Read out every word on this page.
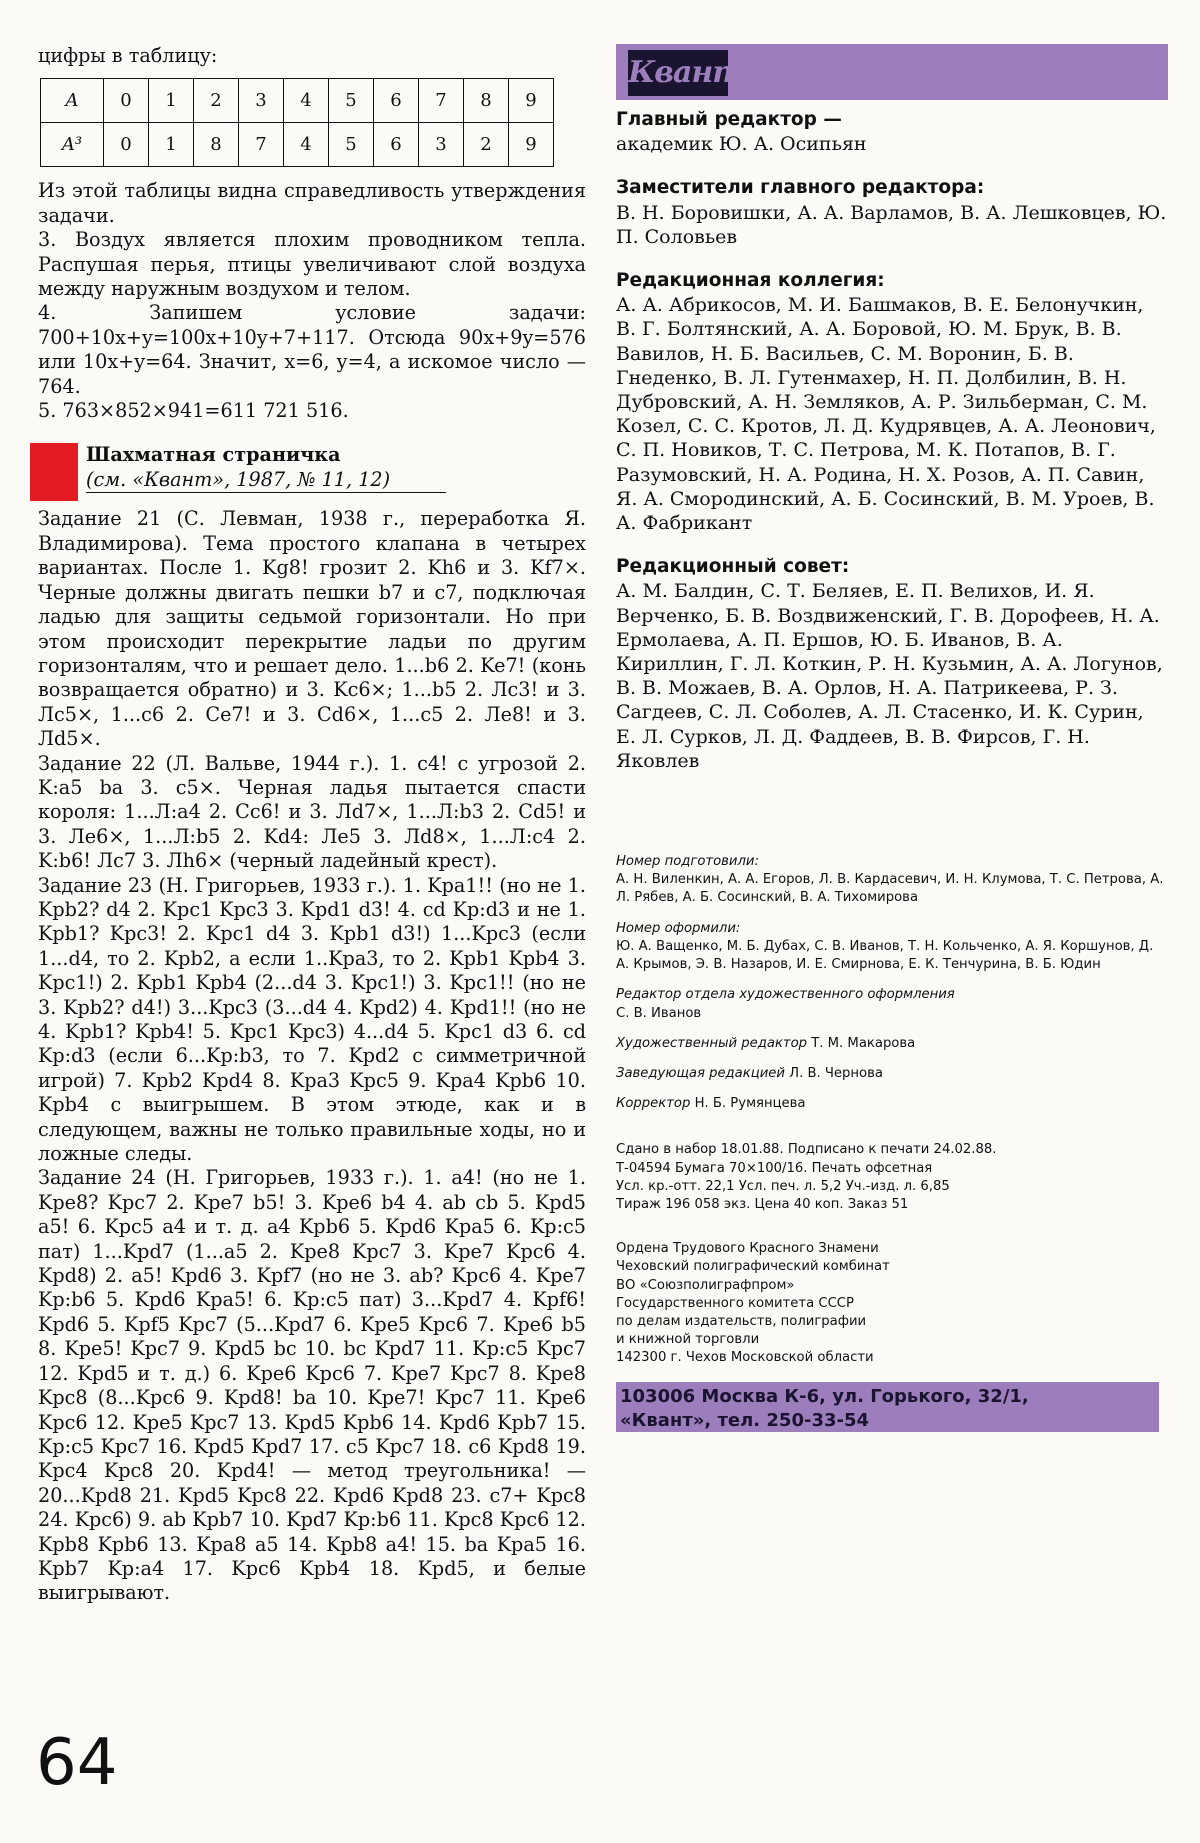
цифры в таблицу:

A	0	1	2	3	4	5	6	7	8	9
A³	0	1	8	7	4	5	6	3	2	9

Из этой таблицы видна справедливость утверждения задачи.

3. Воздух является плохим проводником тепла. Распушая перья, птицы увеличивают слой воздуха между наружным воздухом и телом.

4. Запишем условие задачи: 700+10x+y=100x+10y+7+117. Отсюда 90x+9y=576 или 10x+y=64. Значит, x=6, y=4, а искомое число — 764.

5. 763×852×941=611 721 516.

Шахматная страничка
(см. «Квант», 1987, № 11, 12)

Задание 21 (С. Левман, 1938 г., переработка Я. Владимирова). Тема простого клапана в четырех вариантах. После 1. Kg8! грозит 2. Kh6 и 3. Kf7×. Черные должны двигать пешки b7 и c7, подключая ладью для защиты седьмой горизонтали. Но при этом происходит перекрытие ладьи по другим горизонталям, что и решает дело. 1...b6 2. Ke7! (конь возвращается обратно) и 3. Kc6×; 1...b5 2. Лc3! и 3. Лc5×, 1...c6 2. Ce7! и 3. Cd6×, 1...c5 2. Лe8! и 3. Лd5×.

Задание 22 (Л. Вальве, 1944 г.). 1. c4! с угрозой 2. K:a5 ba 3. c5×. Черная ладья пытается спасти короля: 1...Л:a4 2. Cc6! и 3. Лd7×, 1...Л:b3 2. Cd5! и 3. Лe6×, 1...Л:b5 2. Kd4: Лe5 3. Лd8×, 1...Л:c4 2. K:b6! Лc7 3. Лh6× (черный ладейный крест).

Задание 23 (Н. Григорьев, 1933 г.). 1. Kpa1!! (но не 1. Kpb2? d4 2. Kpc1 Kpc3 3. Kpd1 d3! 4. cd Kp:d3 и не 1. Kpb1? Kpc3! 2. Kpc1 d4 3. Kpb1 d3!) 1...Kpc3 (если 1...d4, то 2. Kpb2, а если 1..Kpa3, то 2. Kpb1 Kpb4 3. Kpc1!) 2. Kpb1 Kpb4 (2...d4 3. Kpc1!) 3. Kpc1!! (но не 3. Kpb2? d4!) 3...Kpc3 (3...d4 4. Kpd2) 4. Kpd1!! (но не 4. Kpb1? Kpb4! 5. Kpc1 Kpc3) 4...d4 5. Kpc1 d3 6. cd Kp:d3 (если 6...Kp:b3, то 7. Kpd2 с симметричной игрой) 7. Kpb2 Kpd4 8. Kpa3 Kpc5 9. Kpa4 Kpb6 10. Kpb4 с выигрышем. В этом этюде, как и в следующем, важны не только правильные ходы, но и ложные следы.

Задание 24 (Н. Григорьев, 1933 г.). 1. a4! (но не 1. Kpe8? Kpc7 2. Kpe7 b5! 3. Kpe6 b4 4. ab cb 5. Kpd5 a5! 6. Kpc5 a4 и т. д. a4 Kpb6 5. Kpd6 Kpa5 6. Kp:c5 пат) 1...Kpd7 (1...a5 2. Kpe8 Kpc7 3. Kpe7 Kpc6 4. Kpd8) 2. a5! Kpd6 3. Kpf7 (но не 3. ab? Kpc6 4. Kpe7 Kp:b6 5. Kpd6 Kpa5! 6. Kp:c5 пат) 3...Kpd7 4. Kpf6! Kpd6 5. Kpf5 Kpc7 (5...Kpd7 6. Kpe5 Kpc6 7. Kpe6 b5 8. Kpe5! Kpc7 9. Kpd5 bc 10. bc Kpd7 11. Kp:c5 Kpc7 12. Kpd5 и т. д.) 6. Kpe6 Kpc6 7. Kpe7 Kpc7 8. Kpe8 Kpc8 (8...Kpc6 9. Kpd8! ba 10. Kpe7! Kpc7 11. Kpe6 Kpc6 12. Kpe5 Kpc7 13. Kpd5 Kpb6 14. Kpd6 Kpb7 15. Kp:c5 Kpc7 16. Kpd5 Kpd7 17. c5 Kpc7 18. c6 Kpd8 19. Kpc4 Kpc8 20. Kpd4! — метод треугольника! — 20...Kpd8 21. Kpd5 Kpc8 22. Kpd6 Kpd8 23. c7+ Kpc8 24. Kpc6) 9. ab Kpb7 10. Kpd7 Kp:b6 11. Kpc8 Kpc6 12. Kpb8 Kpb6 13. Kpa8 a5 14. Kpb8 a4! 15. ba Kpa5 16. Kpb7 Kp:a4 17. Kpc6 Kpb4 18. Kpd5, и белые выигрывают.

Квант
Главный редактор —
академик Ю. А. Осипьян
Заместители главного редактора:
В. Н. Боровишки, А. А. Варламов, В. А. Лешковцев, Ю. П. Соловьев
Редакционная коллегия:
А. А. Абрикосов, М. И. Башмаков, В. Е. Белонучкин, В. Г. Болтянский, А. А. Боровой, Ю. М. Брук, В. В. Вавилов, Н. Б. Васильев, С. М. Воронин, Б. В. Гнеденко, В. Л. Гутенмахер, Н. П. Долбилин, В. Н. Дубровский, А. Н. Земляков, А. Р. Зильберман, С. М. Козел, С. С. Кротов, Л. Д. Кудрявцев, А. А. Леонович, С. П. Новиков, Т. С. Петрова, М. К. Потапов, В. Г. Разумовский, Н. А. Родина, Н. Х. Розов, А. П. Савин, Я. А. Смородинский, А. Б. Сосинский, В. М. Уроев, В. А. Фабрикант
Редакционный совет:
А. М. Балдин, С. Т. Беляев, Е. П. Велихов, И. Я. Верченко, Б. В. Воздвиженский, Г. В. Дорофеев, Н. А. Ермолаева, А. П. Ершов, Ю. Б. Иванов, В. А. Кириллин, Г. Л. Коткин, Р. Н. Кузьмин, А. А. Логунов, В. В. Можаев, В. А. Орлов, Н. А. Патрикеева, Р. З. Сагдеев, С. Л. Соболев, А. Л. Стасенко, И. К. Сурин, Е. Л. Сурков, Л. Д. Фаддеев, В. В. Фирсов, Г. Н. Яковлев
Номер подготовили:
А. Н. Виленкин, А. А. Егоров, Л. В. Кардасевич, И. Н. Клумова, Т. С. Петрова, А. Л. Рябев, А. Б. Сосинский, В. А. Тихомирова
Номер оформили:
Ю. А. Ващенко, М. Б. Дубах, С. В. Иванов, Т. Н. Кольченко, А. Я. Коршунов, Д. А. Крымов, Э. В. Назаров, И. Е. Смирнова, Е. К. Тенчурина, В. Б. Юдин
Редактор отдела художественного оформления
С. В. Иванов
Художественный редактор Т. М. Макарова
Заведующая редакцией Л. В. Чернова
Корректор Н. Б. Румянцева
Сдано в набор 18.01.88. Подписано к печати 24.02.88.
Т-04594 Бумага 70×100/16. Печать офсетная
Усл. кр.-отт. 22,1 Усл. печ. л. 5,2 Уч.-изд. л. 6,85
Тираж 196 058 экз. Цена 40 коп. Заказ 51
Ордена Трудового Красного Знамени
Чеховский полиграфический комбинат
ВО «Союзполиграфпром»
Государственного комитета СССР
по делам издательств, полиграфии
и книжной торговли
142300 г. Чехов Московской области
103006 Москва К-6, ул. Горького, 32/1,
«Квант», тел. 250-33-54
64
